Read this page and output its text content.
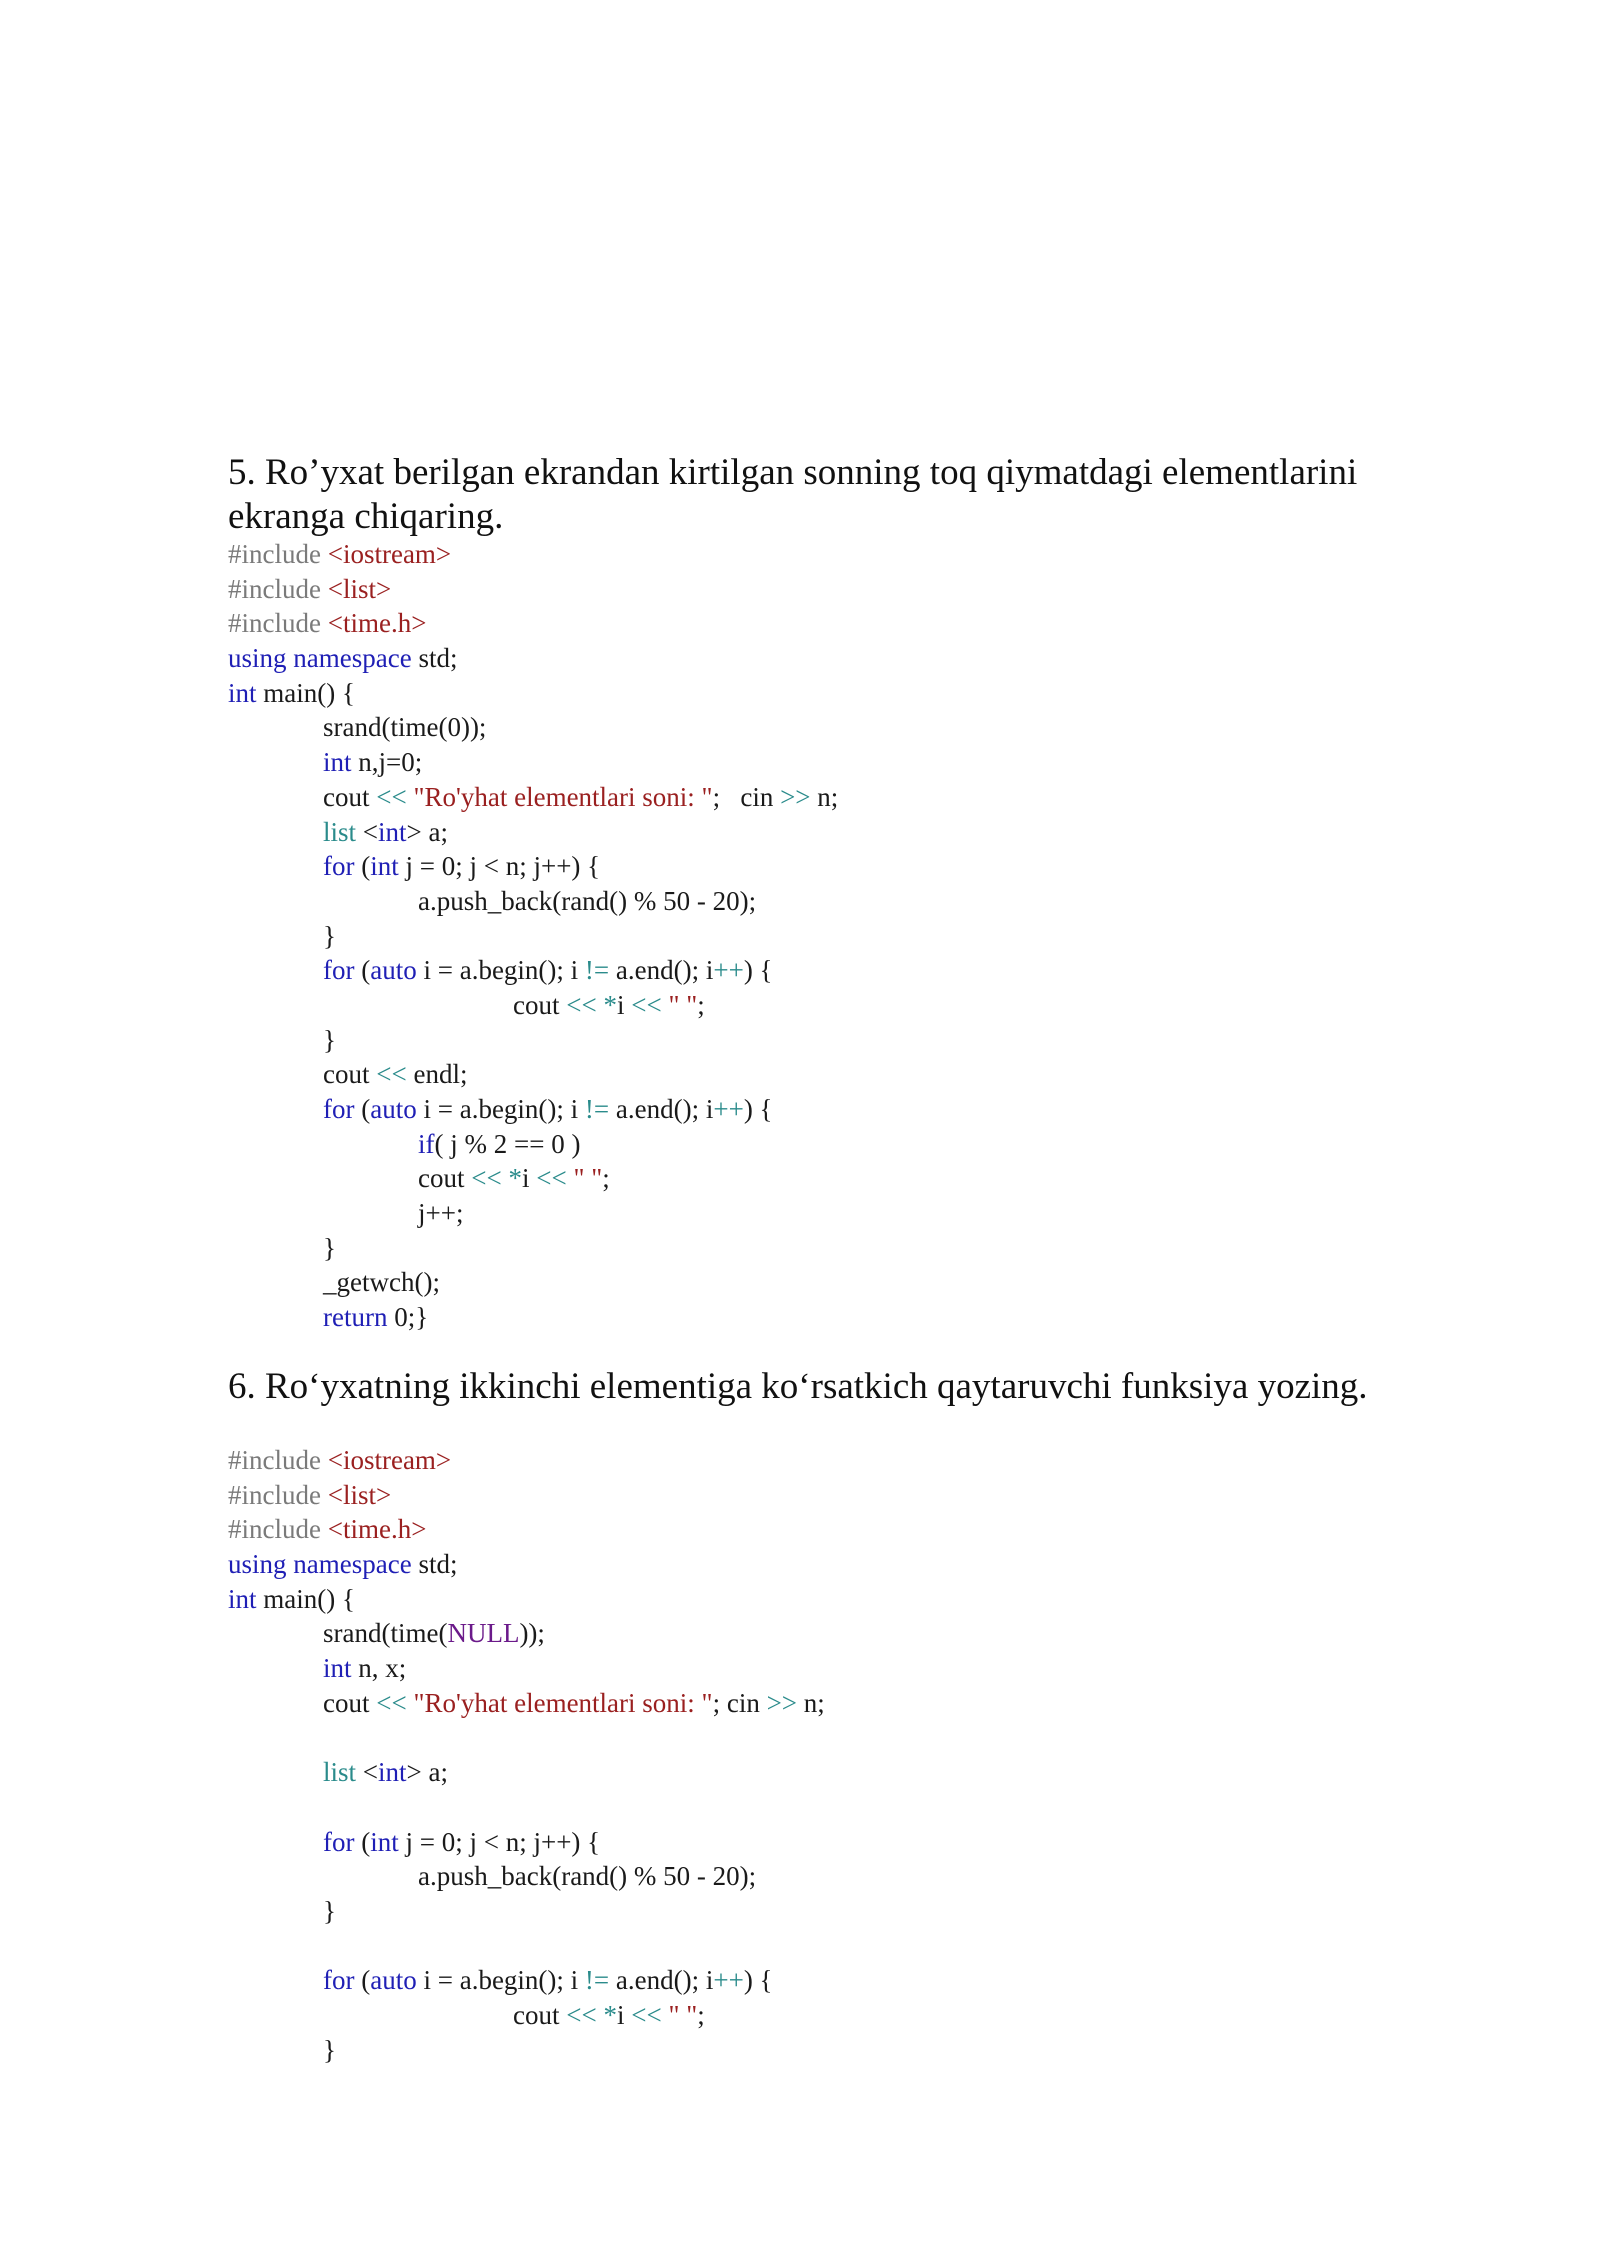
5. Ro’yxat berilgan ekrandan kirtilgan sonning toq qiymatdagi elementlarini
ekranga chiqaring.
#include <iostream>
#include <list>
#include <time.h>
using namespace std;
int main() {
srand(time(0));
int n,j=0;
cout << "Ro'yhat elementlari soni: ";   cin >> n;
list <int> a;
for (int j = 0; j < n; j++) {
a.push_back(rand() % 50 - 20);
}
for (auto i = a.begin(); i != a.end(); i++) {
cout << *i << " ";
}
cout << endl;
for (auto i = a.begin(); i != a.end(); i++) {
if( j % 2 == 0 )
cout << *i << " ";
j++;
}
_getwch();
return 0;}
6. Ro‘yxatning ikkinchi elementiga ko‘rsatkich qaytaruvchi funksiya yozing.
#include <iostream>
#include <list>
#include <time.h>
using namespace std;
int main() {
srand(time(NULL));
int n, x;
cout << "Ro'yhat elementlari soni: "; cin >> n;
list <int> a;
for (int j = 0; j < n; j++) {
a.push_back(rand() % 50 - 20);
}
for (auto i = a.begin(); i != a.end(); i++) {
cout << *i << " ";
}
